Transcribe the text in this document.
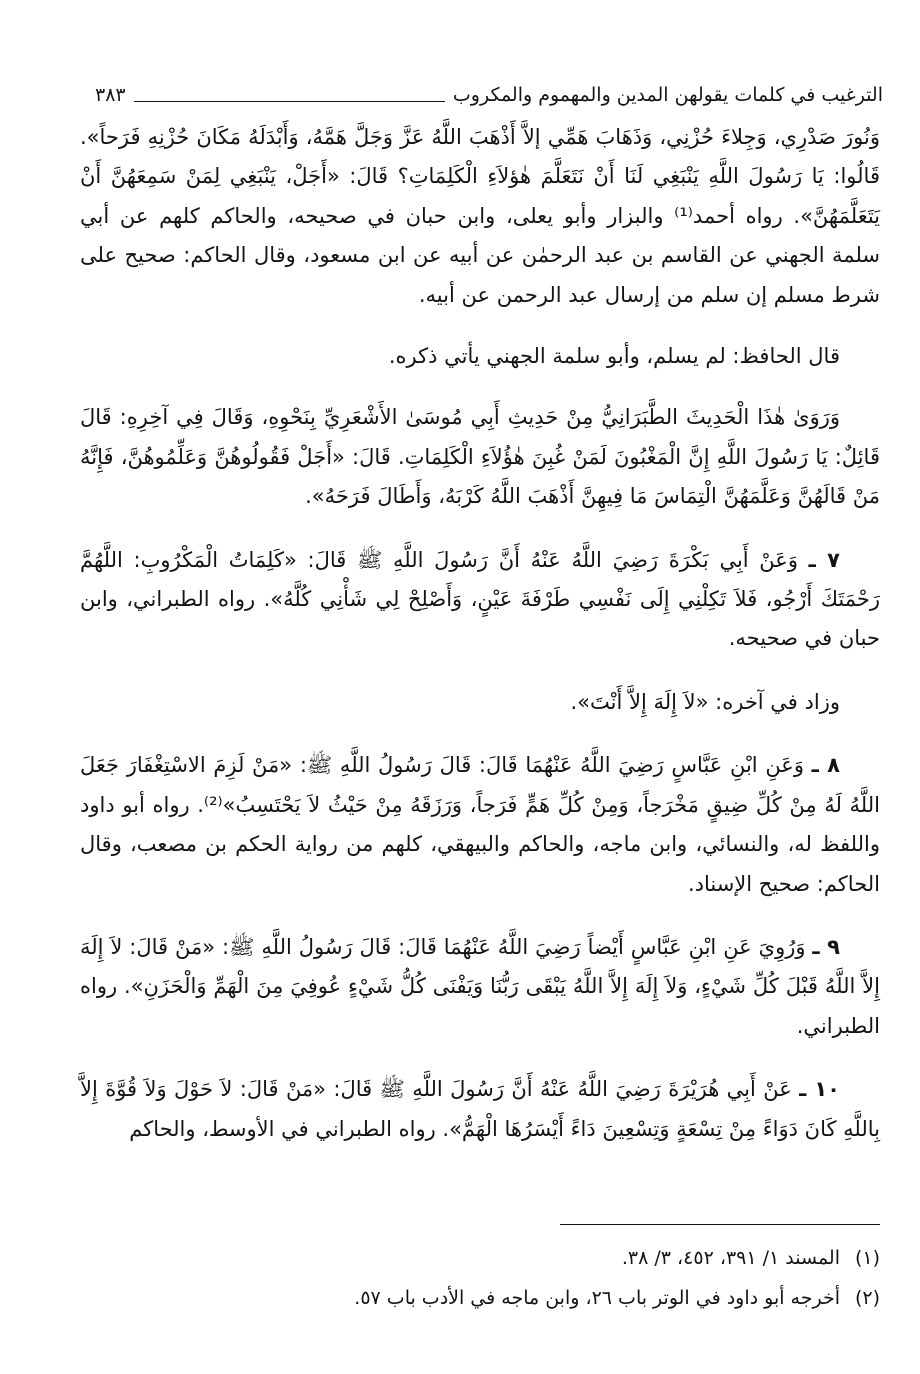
الترغيب في كلمات يقولهن المدين والمهموم والمكروب
٣٨٣

وَنُورَ صَدْرِي، وَجِلاءَ حُزْنِي، وَذَهَابَ هَمِّي إلاَّ أَذْهَبَ اللَّهُ عَزَّ وَجَلَّ هَمَّهُ، وَأَبْدَلَهُ مَكَانَ حُزْنِهِ فَرَحاً». قَالُوا: يَا رَسُولَ اللَّهِ يَنْبَغِي لَنَا أَنْ نَتَعَلَّمَ هٰؤلاَءِ الْكَلِمَاتِ؟ قَالَ: «أَجَلْ، يَنْبَغِي لِمَنْ سَمِعَهُنَّ أَنْ يَتَعَلَّمَهُنَّ». رواه أحمد⁽¹⁾ والبزار وأبو يعلى، وابن حبان في صحيحه، والحاكم كلهم عن أبي سلمة الجهني عن القاسم بن عبد الرحمٰن عن أبيه عن ابن مسعود، وقال الحاكم: صحيح على شرط مسلم إن سلم من إرسال عبد الرحمن عن أبيه.

قال الحافظ: لم يسلم، وأبو سلمة الجهني يأتي ذكره.

وَرَوَىٰ هٰذَا الْحَدِيثَ الطَّبَرَانِيُّ مِنْ حَدِيثِ أَبِي مُوسَىٰ الأَشْعَرِيِّ بِنَحْوِهِ، وَقَالَ فِي آخِرِهِ: قَالَ قَائِلٌ: يَا رَسُولَ اللَّهِ إِنَّ الْمَغْبُونَ لَمَنْ غُبِنَ هٰؤُلاَءِ الْكَلِمَاتِ. قَالَ: «أَجَلْ فَقُولُوهُنَّ وَعَلِّمُوهُنَّ، فَإِنَّهُ مَنْ قَالَهُنَّ وَعَلَّمَهُنَّ الْتِمَاسَ مَا فِيهِنَّ أَذْهَبَ اللَّهُ كَرْبَهُ، وَأَطَالَ فَرَحَهُ».

٧ ـ وَعَنْ أَبِي بَكْرَةَ رَضِيَ اللَّهُ عَنْهُ أَنَّ رَسُولَ اللَّهِ ﷺ قَالَ: «كَلِمَاتُ الْمَكْرُوبِ: اللَّهُمَّ رَحْمَتَكَ أَرْجُو، فَلاَ تَكِلْنِي إِلَى نَفْسِي طَرْفَةَ عَيْنٍ، وَأَصْلِحْ لِي شَأْنِي كُلَّهُ». رواه الطبراني، وابن حبان في صحيحه.

وزاد في آخره: «لاَ إِلَهَ إِلاَّ أَنْتَ».

٨ ـ وَعَنِ ابْنِ عَبَّاسٍ رَضِيَ اللَّهُ عَنْهُمَا قَالَ: قَالَ رَسُولُ اللَّهِ ﷺ: «مَنْ لَزِمَ الاسْتِغْفَارَ جَعَلَ اللَّهُ لَهُ مِنْ كُلِّ ضِيقٍ مَخْرَجاً، وَمِنْ كُلِّ هَمٍّ فَرَجاً، وَرَزَقَهُ مِنْ حَيْثُ لاَ يَحْتَسِبُ»⁽²⁾. رواه أبو داود واللفظ له، والنسائي، وابن ماجه، والحاكم والبيهقي، كلهم من رواية الحكم بن مصعب، وقال الحاكم: صحيح الإسناد.

٩ ـ وَرُوِيَ عَنِ ابْنِ عَبَّاسٍ أَيْضاً رَضِيَ اللَّهُ عَنْهُمَا قَالَ: قَالَ رَسُولُ اللَّهِ ﷺ: «مَنْ قَالَ: لاَ إِلَهَ إِلاَّ اللَّهُ قَبْلَ كُلِّ شَيْءٍ، وَلاَ إِلَهَ إِلاَّ اللَّهُ يَبْقَى رَبُّنَا وَيَفْنَى كُلُّ شَيْءٍ عُوفِيَ مِنَ الْهَمِّ وَالْحَزَنِ». رواه الطبراني.

١٠ ـ عَنْ أَبِي هُرَيْرَةَ رَضِيَ اللَّهُ عَنْهُ أَنَّ رَسُولَ اللَّهِ ﷺ قَالَ: «مَنْ قَالَ: لاَ حَوْلَ وَلاَ قُوَّةَ إِلاَّ بِاللَّهِ كَانَ دَوَاءً مِنْ تِسْعَةٍ وَتِسْعِينَ دَاءً أَيْسَرُهَا الْهَمُّ». رواه الطبراني في الأوسط، والحاكم

(١)
المسند ١/ ٣٩١، ٤٥٢، ٣/ ٣٨.

(٢)
أخرجه أبو داود في الوتر باب ٢٦، وابن ماجه في الأدب باب ٥٧.
